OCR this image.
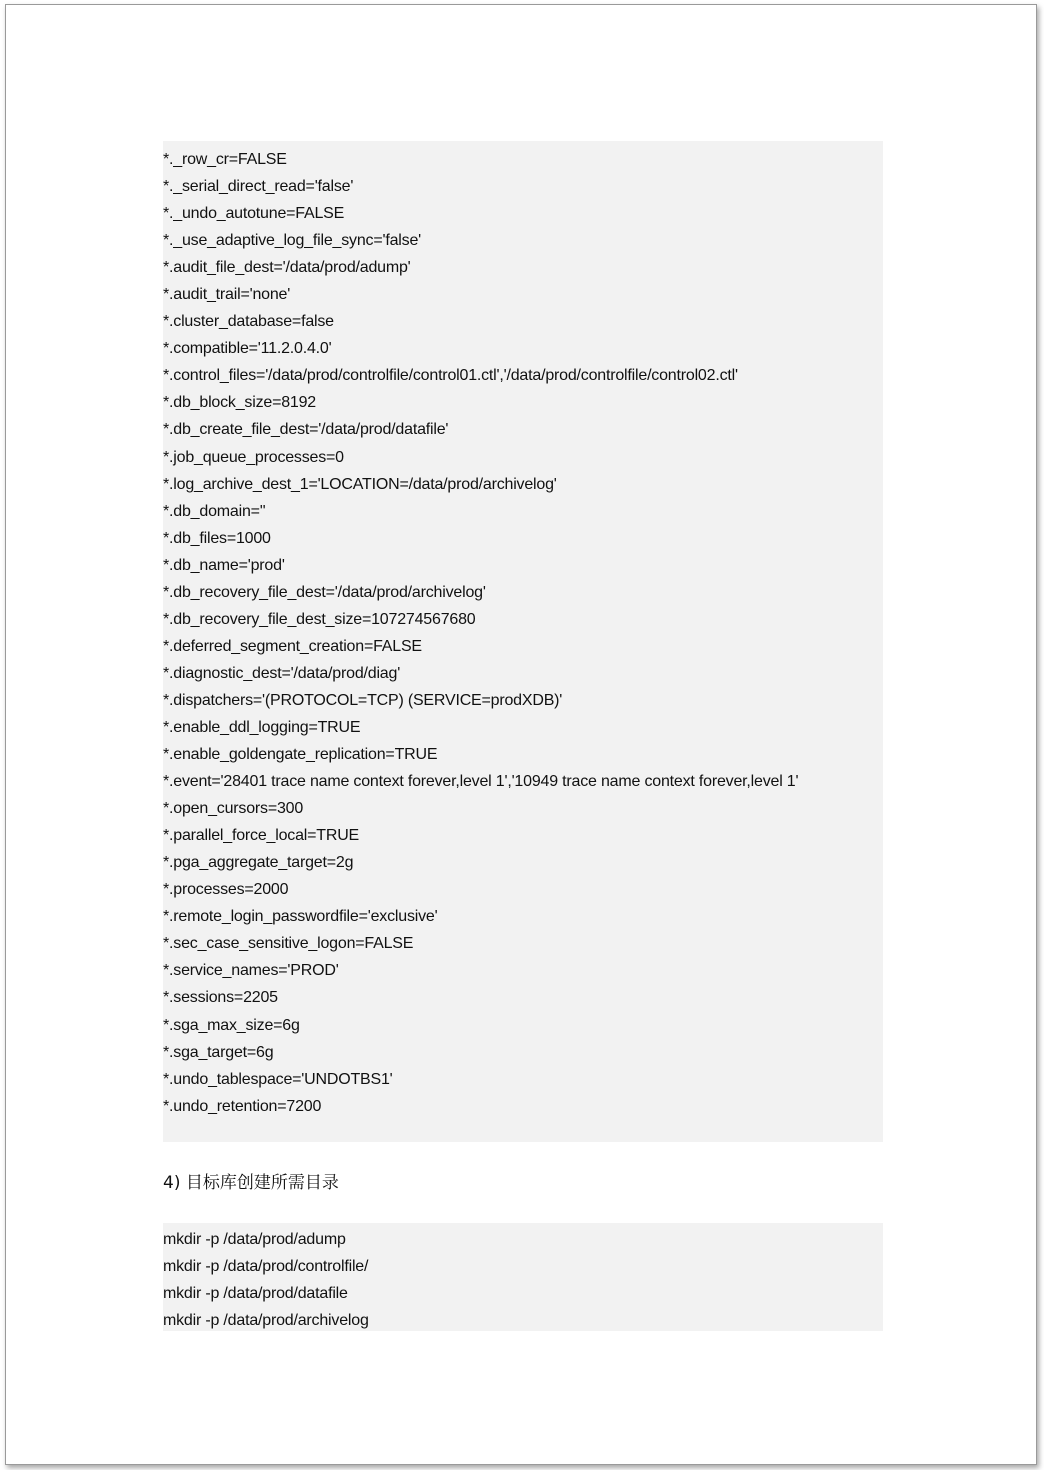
*._row_cr=FALSE
*._serial_direct_read='false'
*._undo_autotune=FALSE
*._use_adaptive_log_file_sync='false'
*.audit_file_dest='/data/prod/adump'
*.audit_trail='none'
*.cluster_database=false
*.compatible='11.2.0.4.0'
*.control_files='/data/prod/controlfile/control01.ctl','/data/prod/controlfile/control02.ctl'
*.db_block_size=8192
*.db_create_file_dest='/data/prod/datafile'
*.job_queue_processes=0
*.log_archive_dest_1='LOCATION=/data/prod/archivelog'
*.db_domain=''
*.db_files=1000
*.db_name='prod'
*.db_recovery_file_dest='/data/prod/archivelog'
*.db_recovery_file_dest_size=107274567680
*.deferred_segment_creation=FALSE
*.diagnostic_dest='/data/prod/diag'
*.dispatchers='(PROTOCOL=TCP) (SERVICE=prodXDB)'
*.enable_ddl_logging=TRUE
*.enable_goldengate_replication=TRUE
*.event='28401 trace name context forever,level 1','10949 trace name context forever,level 1'
*.open_cursors=300
*.parallel_force_local=TRUE
*.pga_aggregate_target=2g
*.processes=2000
*.remote_login_passwordfile='exclusive'
*.sec_case_sensitive_logon=FALSE
*.service_names='PROD'
*.sessions=2205
*.sga_max_size=6g
*.sga_target=6g
*.undo_tablespace='UNDOTBS1'
*.undo_retention=7200
4) 目标库创建所需目录
mkdir -p /data/prod/adump
mkdir -p /data/prod/controlfile/
mkdir -p /data/prod/datafile
mkdir -p /data/prod/archivelog
